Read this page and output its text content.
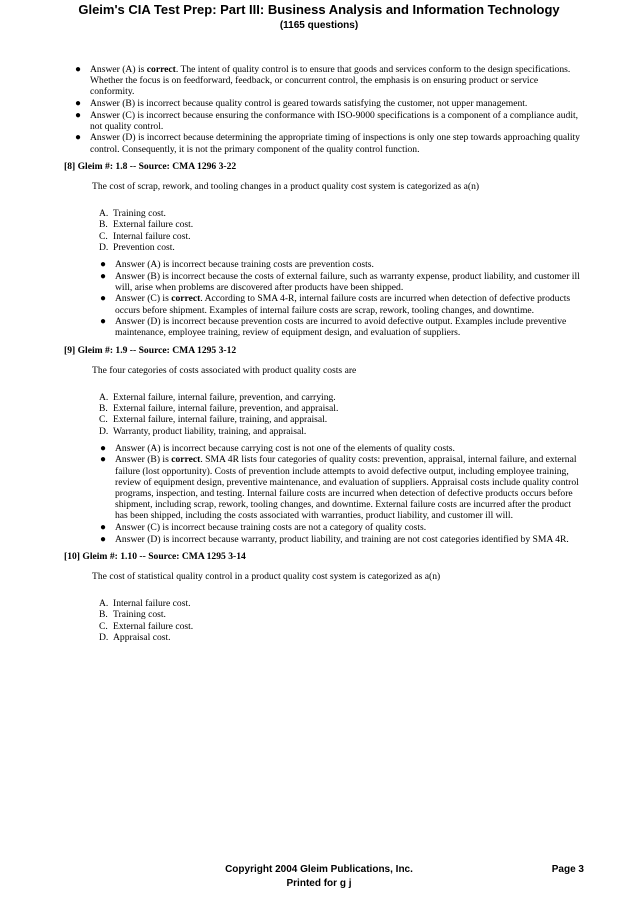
Gleim's CIA Test Prep: Part III: Business Analysis and Information Technology
(1165 questions)
● Answer (A) is correct. The intent of quality control is to ensure that goods and services conform to the design specifications. Whether the focus is on feedforward, feedback, or concurrent control, the emphasis is on ensuring product or service conformity.
● Answer (B) is incorrect because quality control is geared towards satisfying the customer, not upper management.
● Answer (C) is incorrect because ensuring the conformance with ISO-9000 specifications is a component of a compliance audit, not quality control.
● Answer (D) is incorrect because determining the appropriate timing of inspections is only one step towards approaching quality control. Consequently, it is not the primary component of the quality control function.
[8] Gleim #: 1.8 -- Source: CMA 1296 3-22
The cost of scrap, rework, and tooling changes in a product quality cost system is categorized as a(n)
A. Training cost.
B. External failure cost.
C. Internal failure cost.
D. Prevention cost.
● Answer (A) is incorrect because training costs are prevention costs.
● Answer (B) is incorrect because the costs of external failure, such as warranty expense, product liability, and customer ill will, arise when problems are discovered after products have been shipped.
● Answer (C) is correct. According to SMA 4-R, internal failure costs are incurred when detection of defective products occurs before shipment. Examples of internal failure costs are scrap, rework, tooling changes, and downtime.
● Answer (D) is incorrect because prevention costs are incurred to avoid defective output. Examples include preventive maintenance, employee training, review of equipment design, and evaluation of suppliers.
[9] Gleim #: 1.9 -- Source: CMA 1295 3-12
The four categories of costs associated with product quality costs are
A. External failure, internal failure, prevention, and carrying.
B. External failure, internal failure, prevention, and appraisal.
C. External failure, internal failure, training, and appraisal.
D. Warranty, product liability, training, and appraisal.
● Answer (A) is incorrect because carrying cost is not one of the elements of quality costs.
● Answer (B) is correct. SMA 4R lists four categories of quality costs: prevention, appraisal, internal failure, and external failure (lost opportunity). Costs of prevention include attempts to avoid defective output, including employee training, review of equipment design, preventive maintenance, and evaluation of suppliers. Appraisal costs include quality control programs, inspection, and testing. Internal failure costs are incurred when detection of defective products occurs before shipment, including scrap, rework, tooling changes, and downtime. External failure costs are incurred after the product has been shipped, including the costs associated with warranties, product liability, and customer ill will.
● Answer (C) is incorrect because training costs are not a category of quality costs.
● Answer (D) is incorrect because warranty, product liability, and training are not cost categories identified by SMA 4R.
[10] Gleim #: 1.10 -- Source: CMA 1295 3-14
The cost of statistical quality control in a product quality cost system is categorized as a(n)
A. Internal failure cost.
B. Training cost.
C. External failure cost.
D. Appraisal cost.
Copyright 2004 Gleim Publications, Inc.	Page 3
Printed for g j
